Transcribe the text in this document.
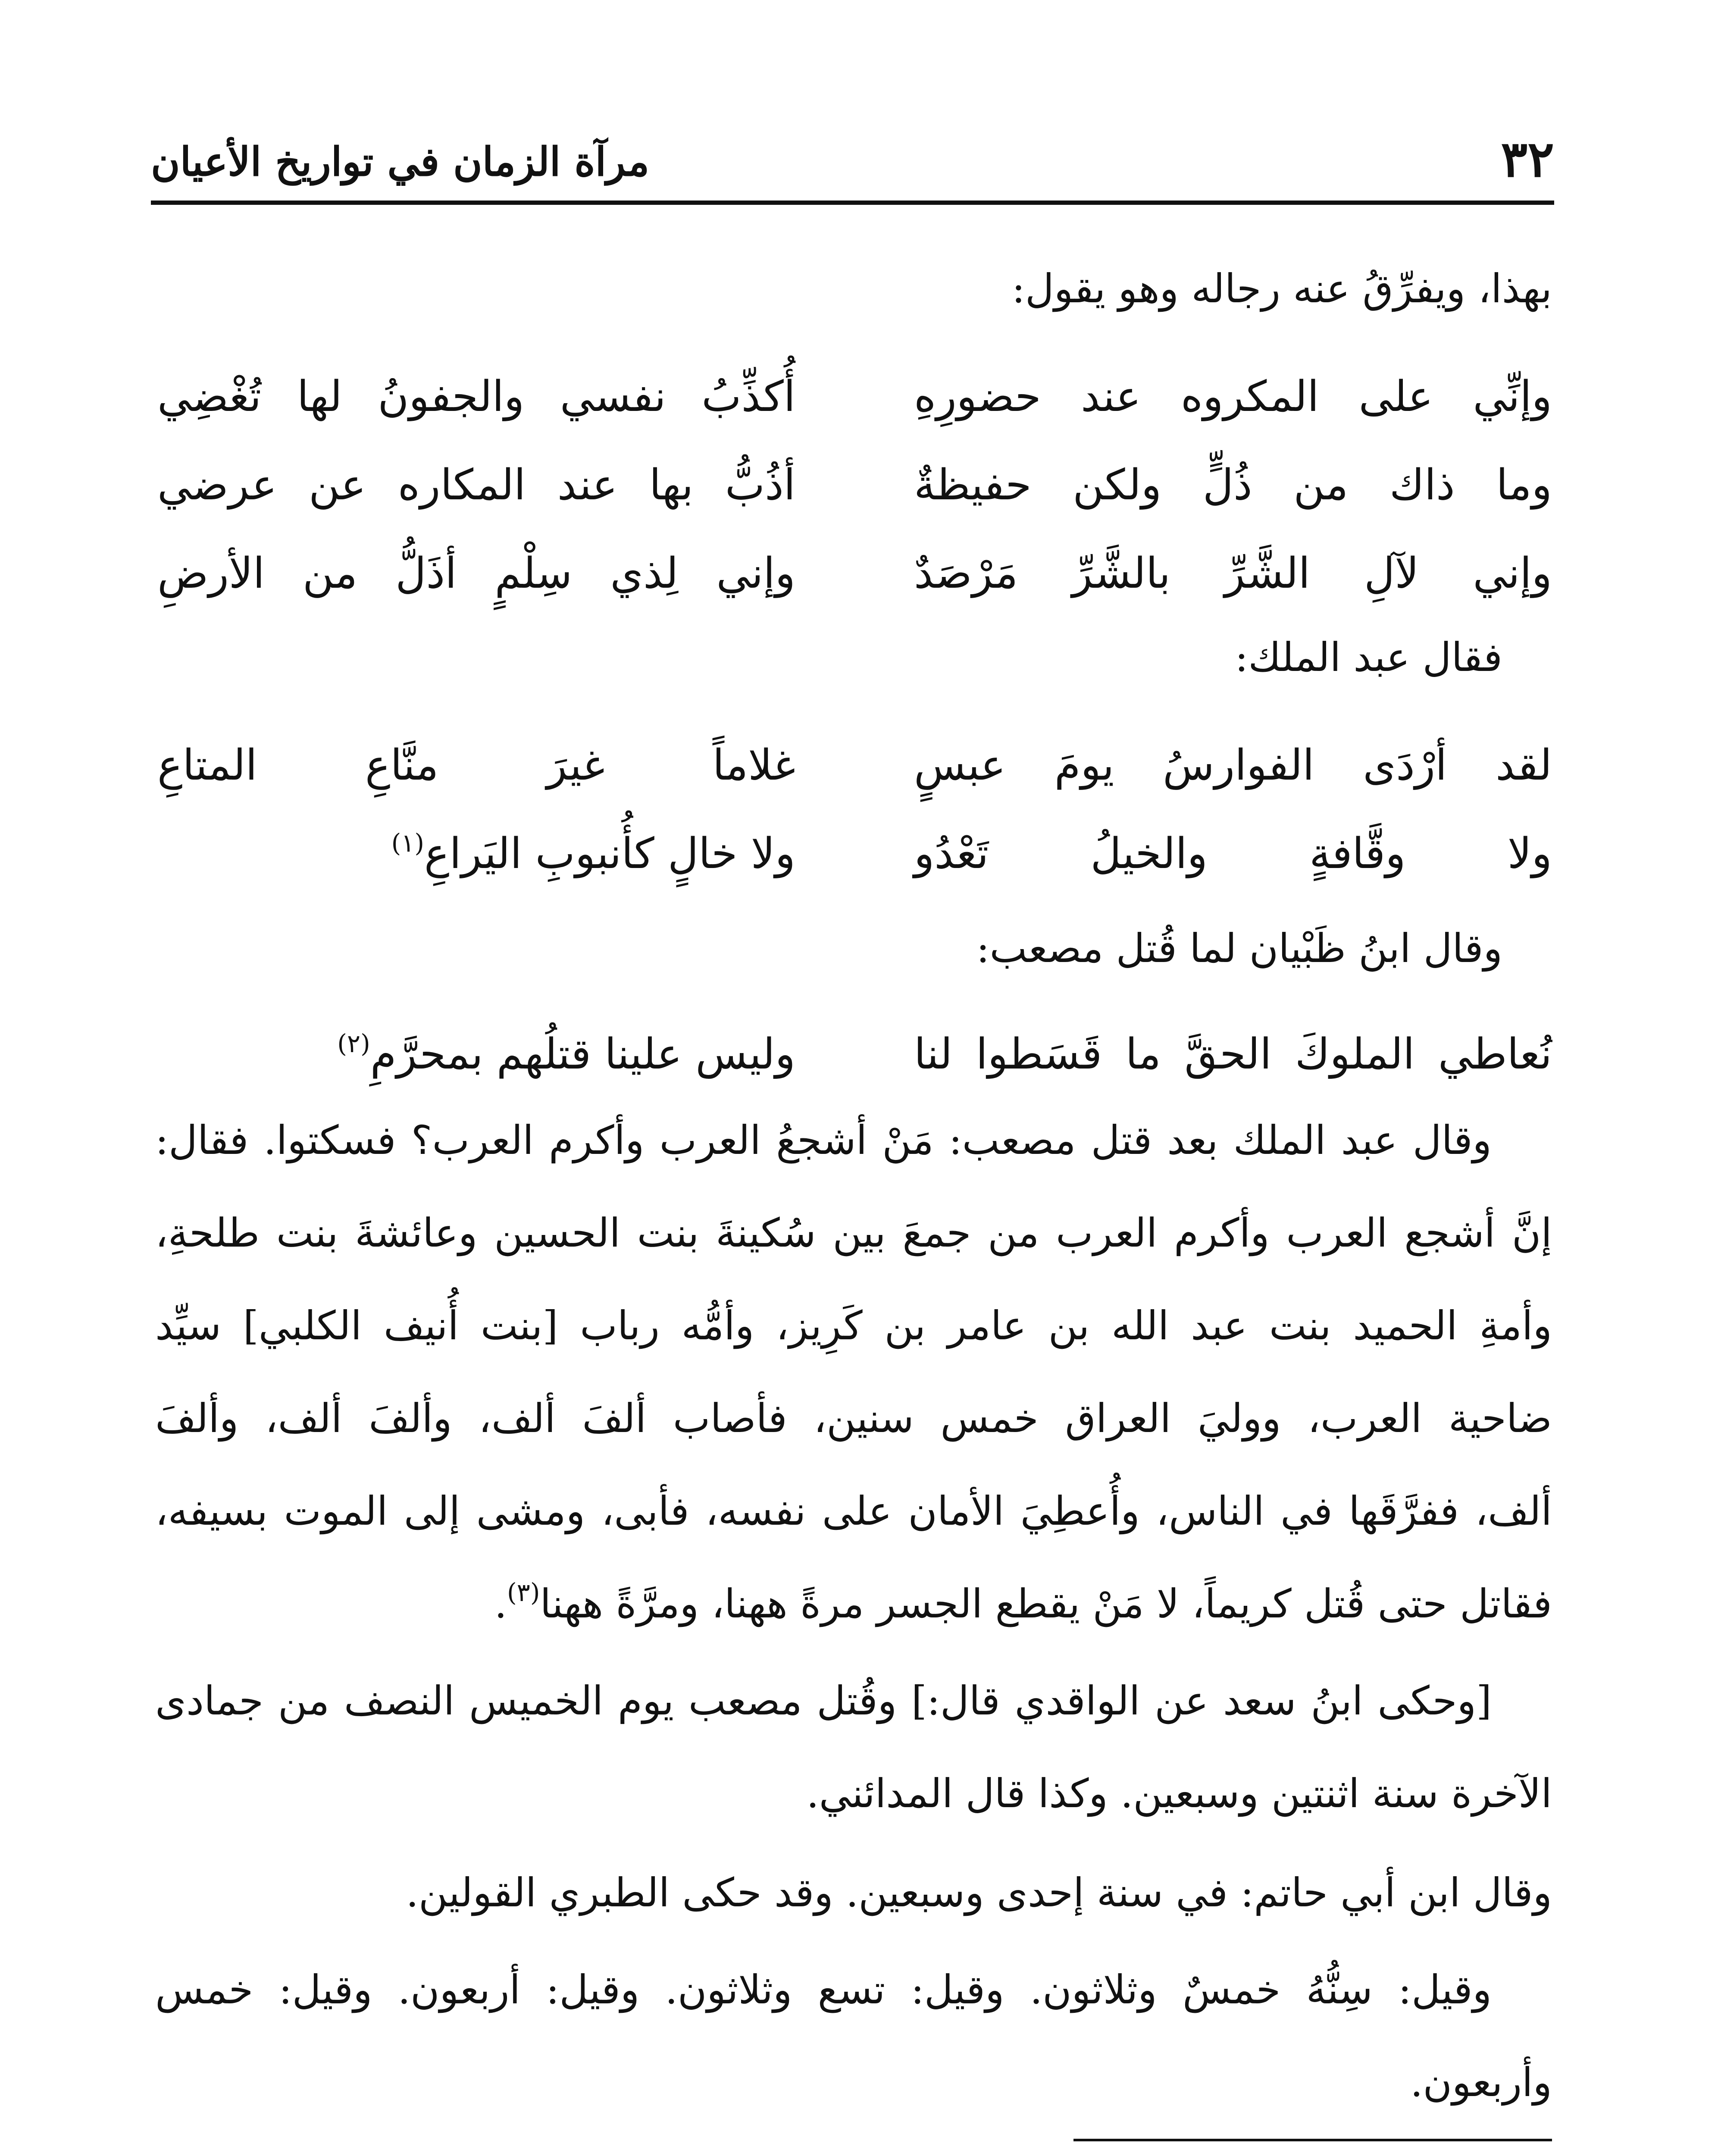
٣٢
مرآة الزمان في تواريخ الأعيان
بهذا، ويفرِّقُ عنه رجاله وهو يقول:
وإنِّي على المكروه عند حضورِهِ
أُكذِّبُ نفسي والجفونُ لها تُغْضِي
وما ذاك من ذُلٍّ ولكن حفيظةٌ
أذُبُّ بها عند المكاره عن عرضي
وإني لآلِ الشَّرِّ بالشَّرِّ مَرْصَدٌ
وإني لِذي سِلْمٍ أذَلُّ من الأرضِ
فقال عبد الملك:
لقد أرْدَى الفوارسُ يومَ عبسٍ
غلاماً غيرَ منَّاعِ المتاعِ
ولا وقَّافةٍ والخيلُ تَعْدُو
ولا خالٍ كأُنبوبِ اليَراعِ$^{(١)}$
وقال ابنُ ظَبْيان لما قُتل مصعب:
نُعاطي الملوكَ الحقَّ ما قَسَطوا لنا
وليس علينا قتلُهم بمحرَّمِ$^{(٢)}$
وقال عبد الملك بعد قتل مصعب: مَنْ أشجعُ العرب وأكرم العرب؟ فسكتوا. فقال:
إنَّ أشجع العرب وأكرم العرب من جمعَ بين سُكينةَ بنت الحسين وعائشةَ بنت طلحةِ،
وأمةِ الحميد بنت عبد الله بن عامر بن كَرِيز، وأمُّه رباب [بنت أُنيف الكلبي] سيِّد
ضاحية العرب، ووليَ العراق خمس سنين، فأصاب ألفَ ألف، وألفَ ألف، وألفَ
ألف، ففرَّقَها في الناس، وأُعطِيَ الأمان على نفسه، فأبى، ومشى إلى الموت بسيفه،
فقاتل حتى قُتل كريماً، لا مَنْ يقطع الجسر مرةً ههنا، ومرَّةً ههنا$^{(٣)}$.
[وحكى ابنُ سعد عن الواقدي قال:] وقُتل مصعب يوم الخميس النصف من جمادى
الآخرة سنة اثنتين وسبعين. وكذا قال المدائني.
وقال ابن أبي حاتم: في سنة إحدى وسبعين. وقد حكى الطبري القولين.
وقيل: سِنُّهُ خمسٌ وثلاثون. وقيل: تسع وثلاثون. وقيل: أربعون. وقيل: خمس
وأربعون.
